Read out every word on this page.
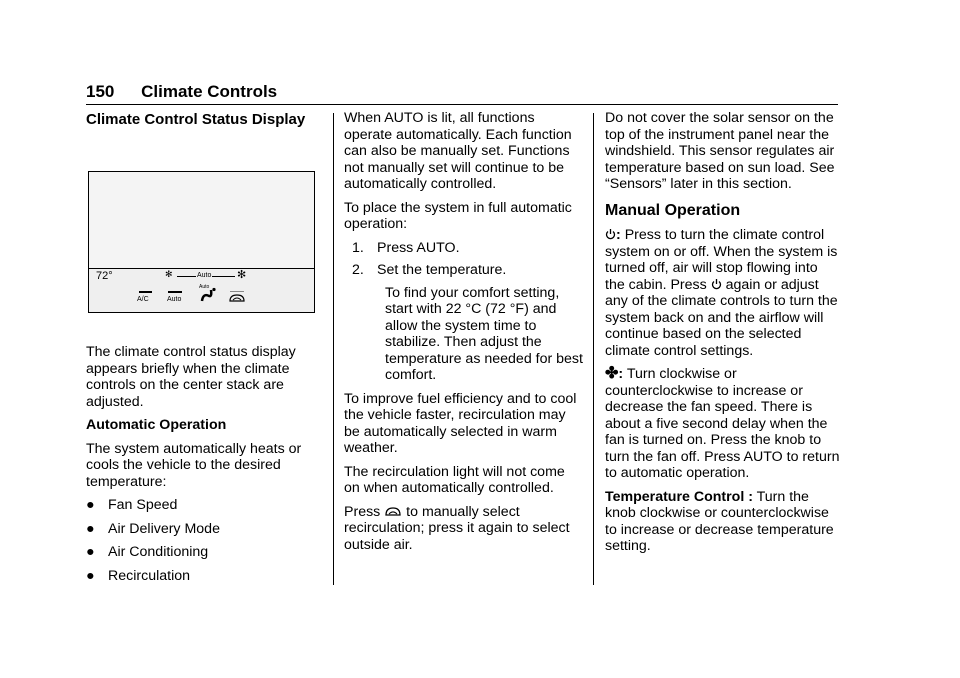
150 Climate Controls
Climate Control Status Display
72°	✻	Auto ✻
A/C	Auto
Auto

The climate control status display appears briefly when the climate controls on the center stack are adjusted.

Automatic Operation

The system automatically heats or cools the vehicle to the desired temperature:

● Fan Speed
● Air Delivery Mode
● Air Conditioning
● Recirculation

When AUTO is lit, all functions operate automatically. Each function can also be manually set. Functions not manually set will continue to be automatically controlled.

To place the system in full automatic operation:

1. Press AUTO.
2. Set the temperature.

To find your comfort setting, start with 22 °C (72 °F) and allow the system time to stabilize. Then adjust the temperature as needed for best comfort.

To improve fuel efficiency and to cool the vehicle faster, recirculation may be automatically selected in warm weather.

The recirculation light will not come on when automatically controlled.

Press to manually select recirculation; press it again to select outside air.

Do not cover the solar sensor on the top of the instrument panel near the windshield. This sensor regulates air temperature based on sun load. See “Sensors” later in this section.

Manual Operation

: Press to turn the climate control system on or off. When the system is turned off, air will stop flowing into the cabin. Press again or adjust any of the climate controls to turn the system back on and the airflow will continue based on the selected climate control settings.

✤: Turn clockwise or counterclockwise to increase or decrease the fan speed. There is about a five second delay when the fan is turned on. Press the knob to turn the fan off. Press AUTO to return to automatic operation.

Temperature Control : Turn the knob clockwise or counterclockwise to increase or decrease temperature setting.
